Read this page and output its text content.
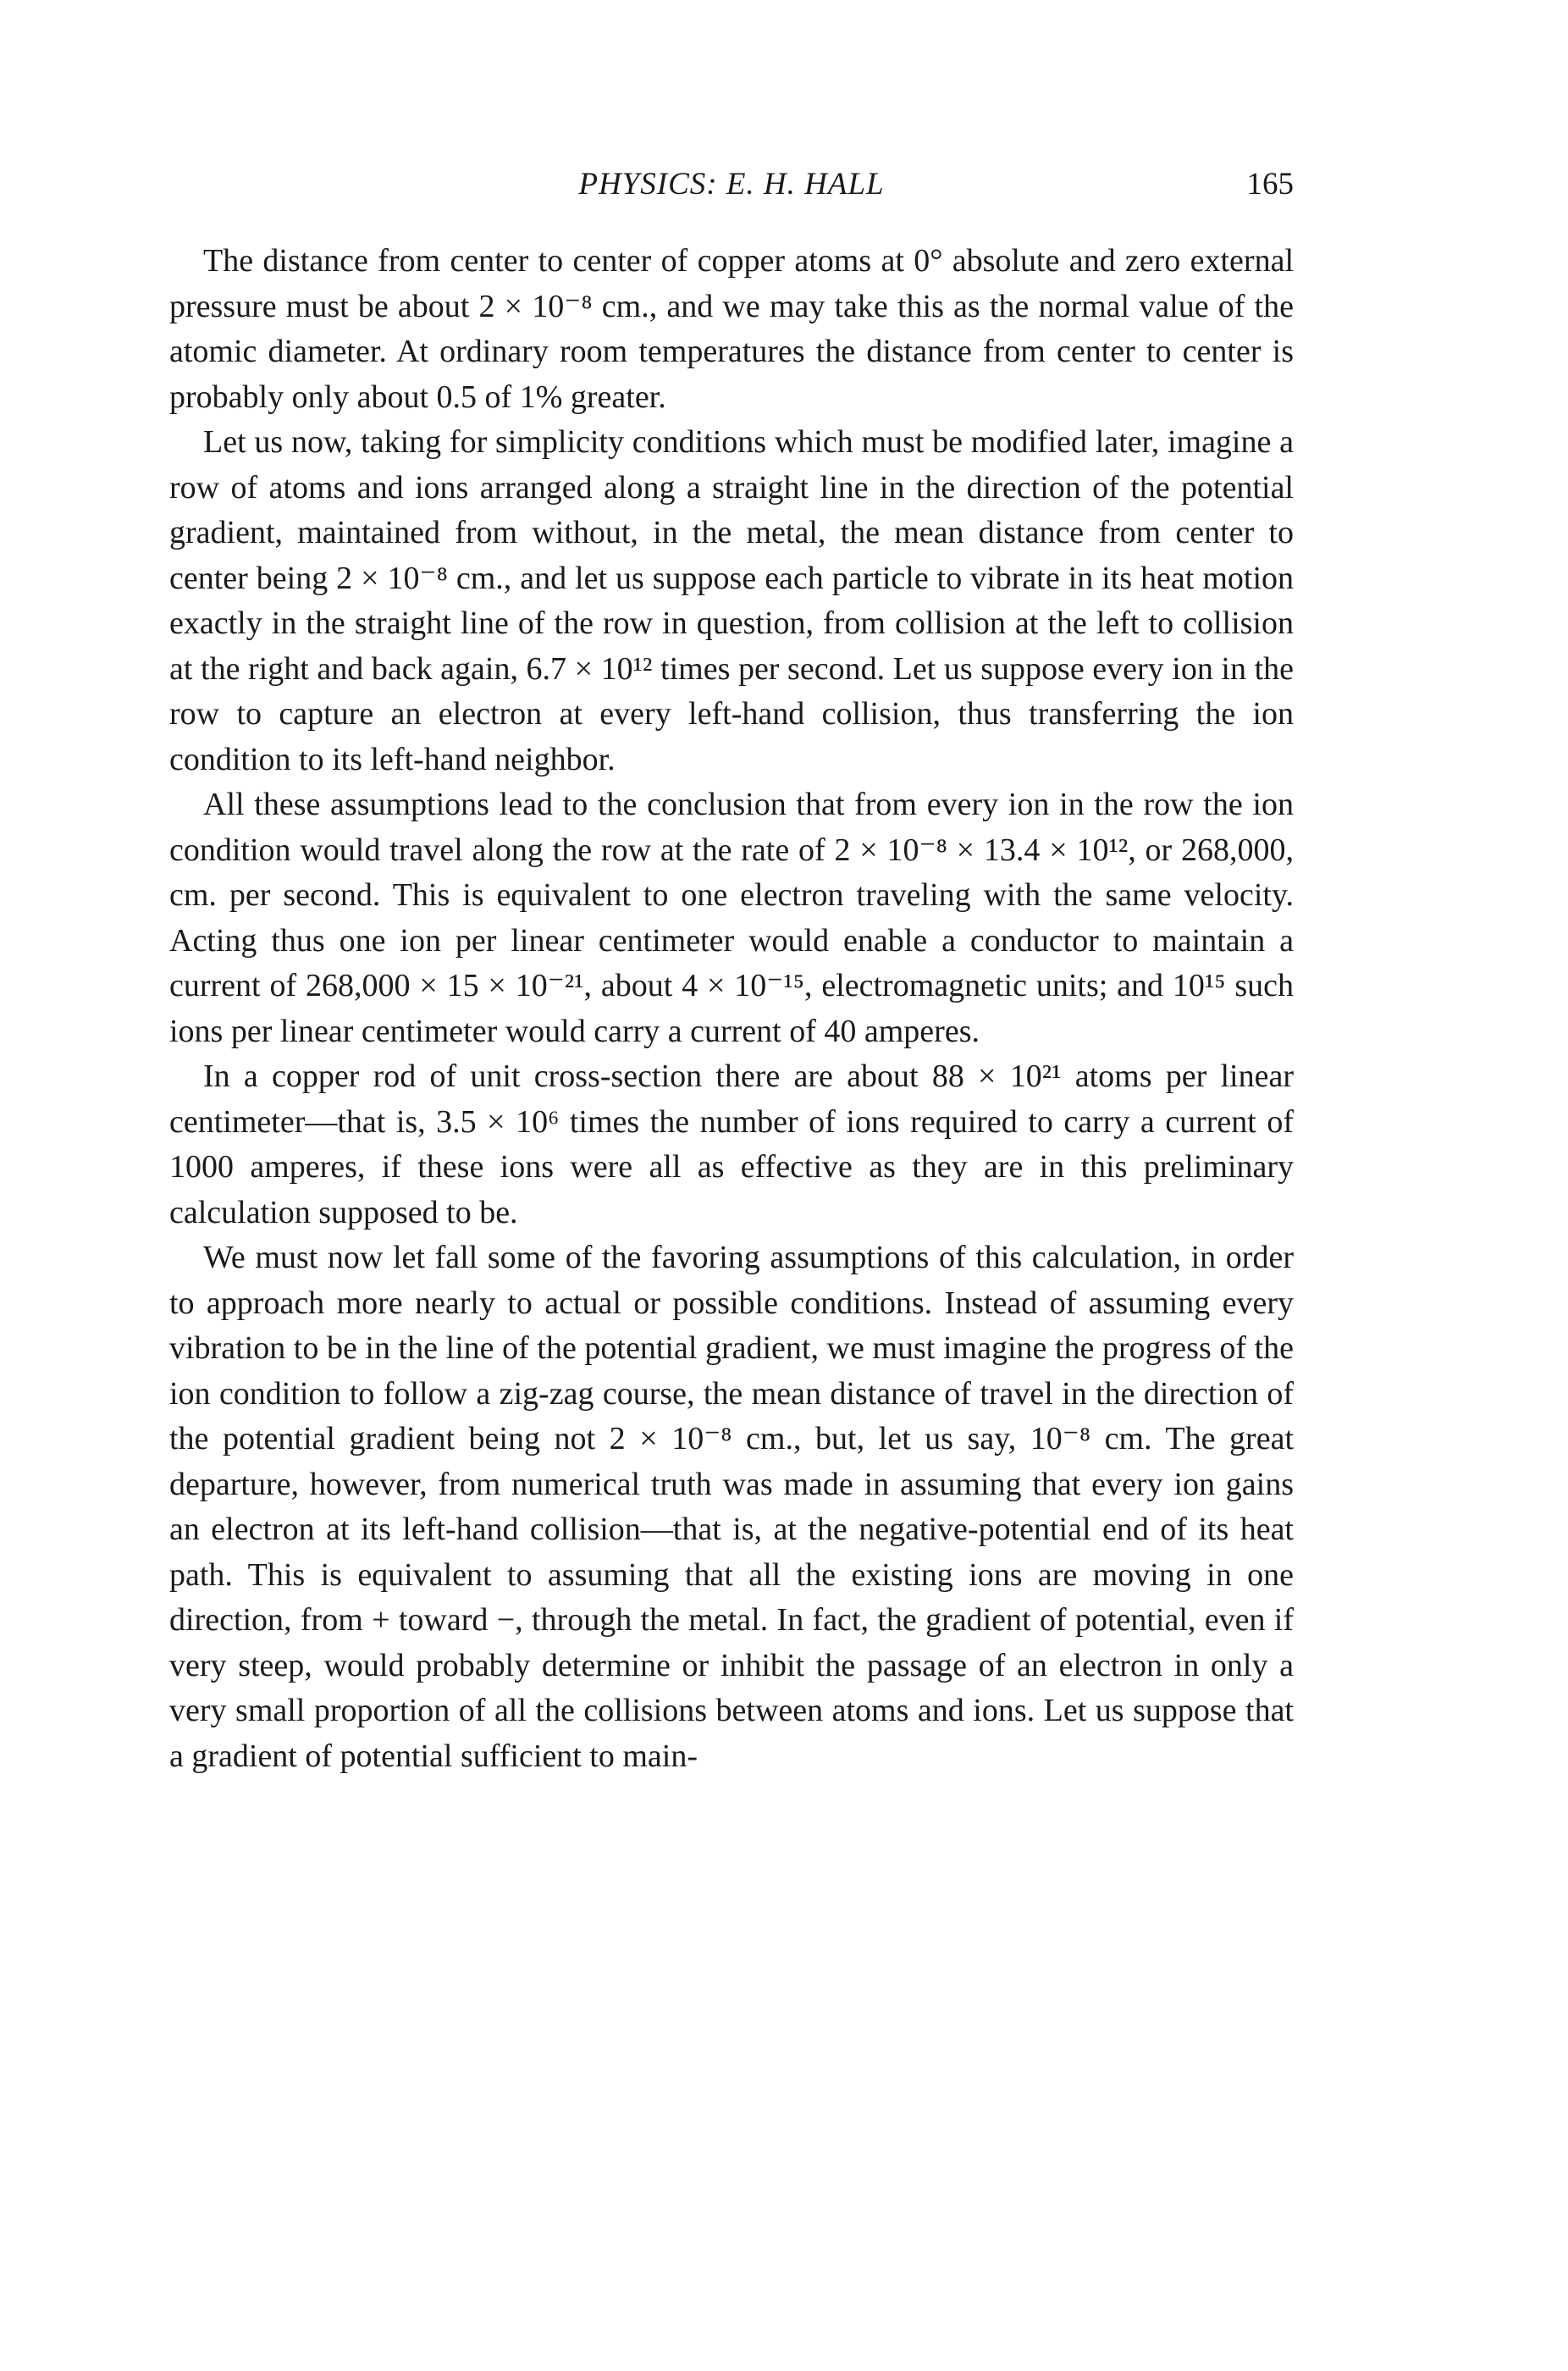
PHYSICS: E. H. HALL	165

The distance from center to center of copper atoms at 0° absolute and zero external pressure must be about 2 × 10⁻⁸ cm., and we may take this as the normal value of the atomic diameter. At ordinary room temperatures the distance from center to center is probably only about 0.5 of 1% greater.

Let us now, taking for simplicity conditions which must be modified later, imagine a row of atoms and ions arranged along a straight line in the direction of the potential gradient, maintained from without, in the metal, the mean distance from center to center being 2 × 10⁻⁸ cm., and let us suppose each particle to vibrate in its heat motion exactly in the straight line of the row in question, from collision at the left to collision at the right and back again, 6.7 × 10¹² times per second. Let us suppose every ion in the row to capture an electron at every left-hand collision, thus transferring the ion condition to its left-hand neighbor.

All these assumptions lead to the conclusion that from every ion in the row the ion condition would travel along the row at the rate of 2 × 10⁻⁸ × 13.4 × 10¹², or 268,000, cm. per second. This is equivalent to one electron traveling with the same velocity. Acting thus one ion per linear centimeter would enable a conductor to maintain a current of 268,000 × 15 × 10⁻²¹, about 4 × 10⁻¹⁵, electromagnetic units; and 10¹⁵ such ions per linear centimeter would carry a current of 40 amperes.

In a copper rod of unit cross-section there are about 88 × 10²¹ atoms per linear centimeter—that is, 3.5 × 10⁶ times the number of ions required to carry a current of 1000 amperes, if these ions were all as effective as they are in this preliminary calculation supposed to be.

We must now let fall some of the favoring assumptions of this calculation, in order to approach more nearly to actual or possible conditions. Instead of assuming every vibration to be in the line of the potential gradient, we must imagine the progress of the ion condition to follow a zig-zag course, the mean distance of travel in the direction of the potential gradient being not 2 × 10⁻⁸ cm., but, let us say, 10⁻⁸ cm. The great departure, however, from numerical truth was made in assuming that every ion gains an electron at its left-hand collision—that is, at the negative-potential end of its heat path. This is equivalent to assuming that all the existing ions are moving in one direction, from + toward −, through the metal. In fact, the gradient of potential, even if very steep, would probably determine or inhibit the passage of an electron in only a very small proportion of all the collisions between atoms and ions. Let us suppose that a gradient of potential sufficient to main-
